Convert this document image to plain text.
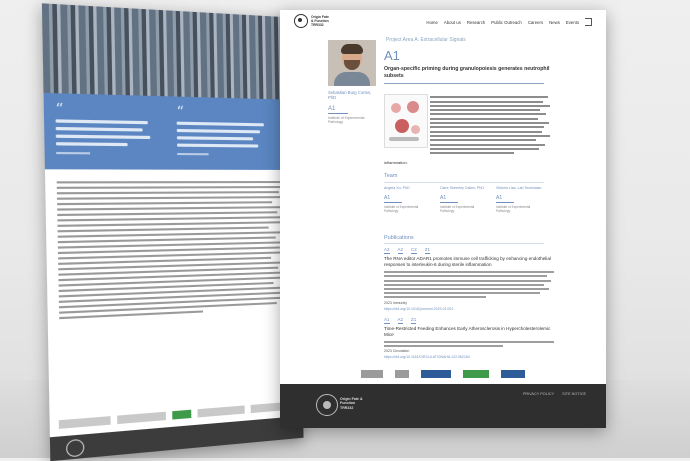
“	“
Origin Fate & Function TRR332
Home About us Research Public Outreach Careers News Events
Project Area A: Extracellular Signals
Sebastian Burg Cortes, PhD
A1
Institute of Experimental Pathology
A1
Organ-specific priming during granulopoiesis generates neutrophil subsets
inflammation.
Team
Angela Xu, PhD
A1
Institute of Experimental Pathology
Clare Sheerley Callen, PhD
A1
Institute of Experimental Pathology
Viktoria Lisa, Lab Technician
A1
Institute of Experimental Pathology
Publications
A2 A2 C2 Z1
The RNA editor ADAR1 promotes immune cell trafficking by enhancing endothelial responses to interleukin-6 during sterile inflammation
2023 Immunity
https://doi.org/10.1016/j.immuni.2023.01.001
A1 A2 Z1
Time-Restricted Feeding Enhances Early Atherosclerosis in Hypercholesterolemic Mice
2023 Circulation
https://doi.org/10.1161/CIRCULATIONAHA.122.062184
Origin Fate & Function TRR332
PRIVACY POLICY SITE NOTICE
